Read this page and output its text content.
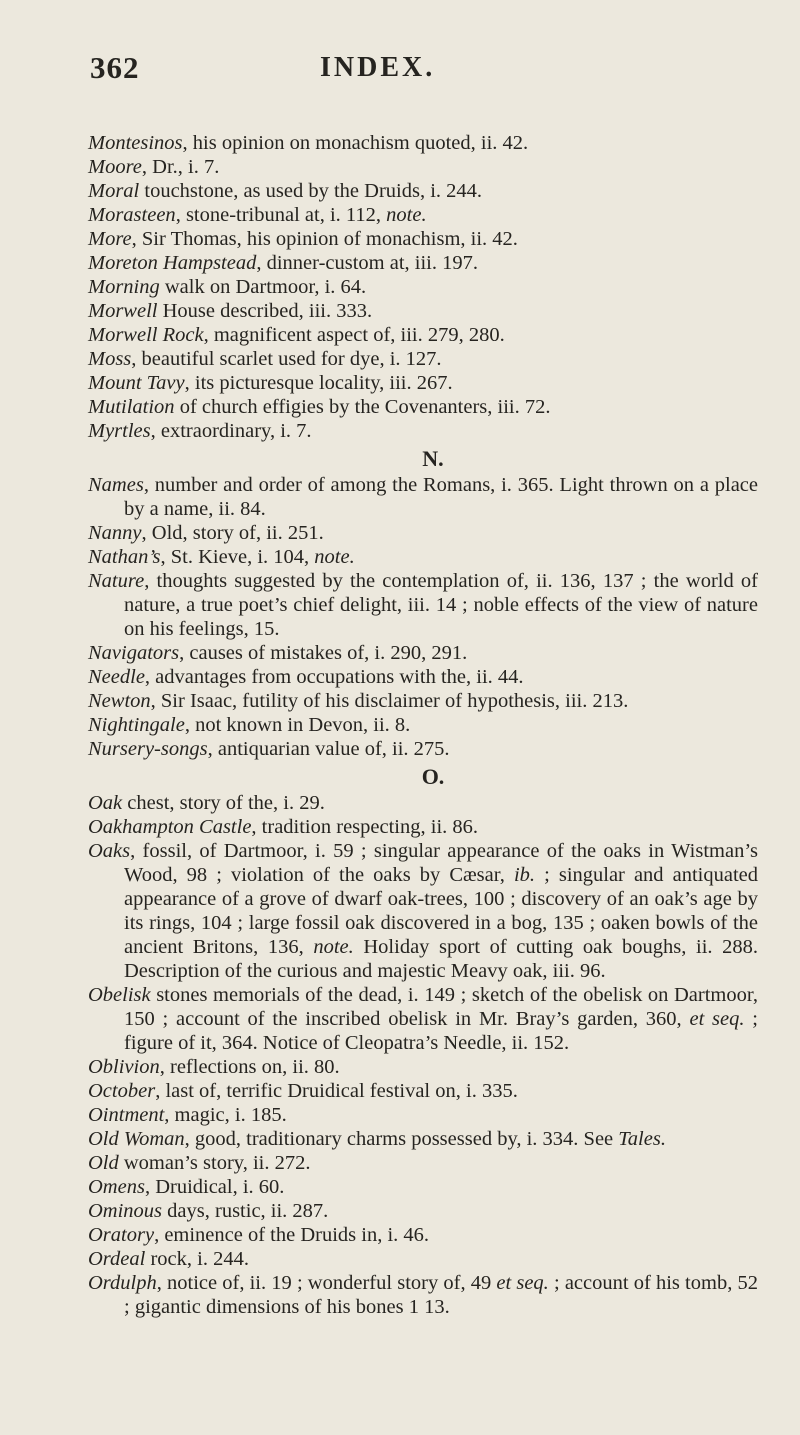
362	INDEX.

Montesinos, his opinion on monachism quoted, ii. 42.

Moore, Dr., i. 7.

Moral touchstone, as used by the Druids, i. 244.

Morasteen, stone-tribunal at, i. 112, note.

More, Sir Thomas, his opinion of monachism, ii. 42.

Moreton Hampstead, dinner-custom at, iii. 197.

Morning walk on Dartmoor, i. 64.

Morwell House described, iii. 333.

Morwell Rock, magnificent aspect of, iii. 279, 280.

Moss, beautiful scarlet used for dye, i. 127.

Mount Tavy, its picturesque locality, iii. 267.

Mutilation of church effigies by the Covenanters, iii. 72.

Myrtles, extraordinary, i. 7.

N.

Names, number and order of among the Romans, i. 365. Light thrown on a place by a name, ii. 84.

Nanny, Old, story of, ii. 251.

Nathan’s, St. Kieve, i. 104, note.

Nature, thoughts suggested by the contemplation of, ii. 136, 137 ; the world of nature, a true poet’s chief delight, iii. 14 ; noble effects of the view of nature on his feelings, 15.

Navigators, causes of mistakes of, i. 290, 291.

Needle, advantages from occupations with the, ii. 44.

Newton, Sir Isaac, futility of his disclaimer of hypothesis, iii. 213.

Nightingale, not known in Devon, ii. 8.

Nursery-songs, antiquarian value of, ii. 275.

O.

Oak chest, story of the, i. 29.

Oakhampton Castle, tradition respecting, ii. 86.

Oaks, fossil, of Dartmoor, i. 59 ; singular appearance of the oaks in Wistman’s Wood, 98 ; violation of the oaks by Cæsar, ib. ; singular and antiquated appearance of a grove of dwarf oak-trees, 100 ; discovery of an oak’s age by its rings, 104 ; large fossil oak discovered in a bog, 135 ; oaken bowls of the ancient Britons, 136, note. Holiday sport of cutting oak boughs, ii. 288. Description of the curious and majestic Meavy oak, iii. 96.

Obelisk stones memorials of the dead, i. 149 ; sketch of the obelisk on Dartmoor, 150 ; account of the inscribed obelisk in Mr. Bray’s garden, 360, et seq. ; figure of it, 364. Notice of Cleopatra’s Needle, ii. 152.

Oblivion, reflections on, ii. 80.

October, last of, terrific Druidical festival on, i. 335.

Ointment, magic, i. 185.

Old Woman, good, traditionary charms possessed by, i. 334. See Tales.

Old woman’s story, ii. 272.

Omens, Druidical, i. 60.

Ominous days, rustic, ii. 287.

Oratory, eminence of the Druids in, i. 46.

Ordeal rock, i. 244.

Ordulph, notice of, ii. 19 ; wonderful story of, 49 et seq. ; account of his tomb, 52 ; gigantic dimensions of his bones 1 13.
